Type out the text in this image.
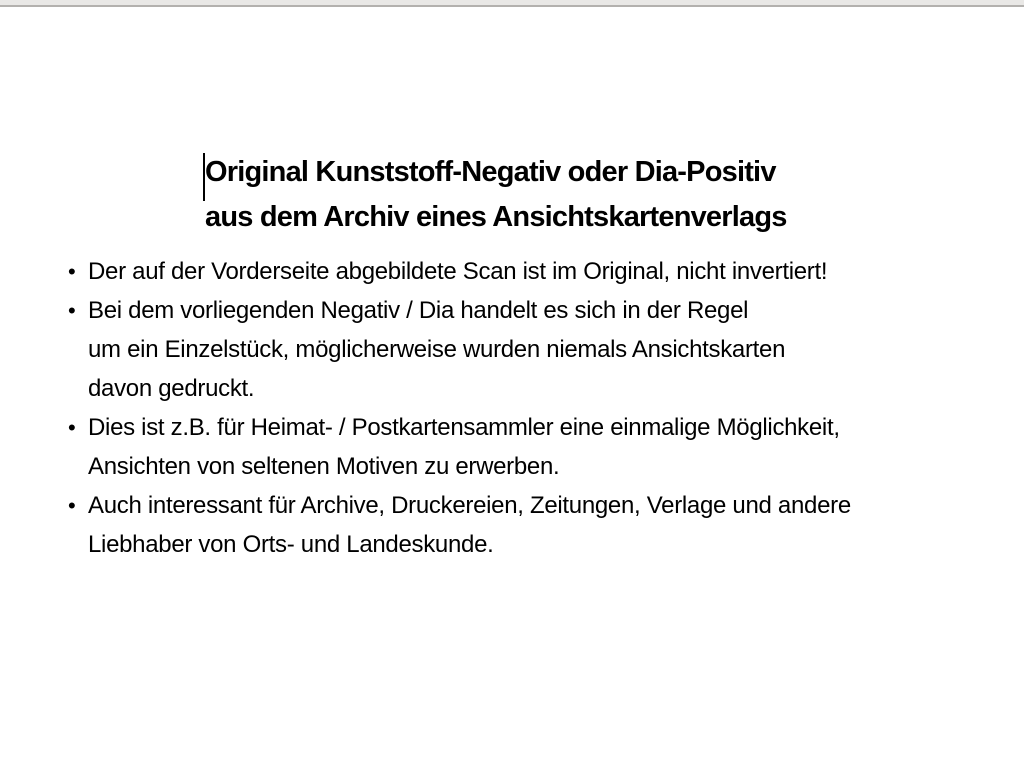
Original Kunststoff-Negativ oder Dia-Positiv
aus dem Archiv eines Ansichtskartenverlags
• Der auf der Vorderseite abgebildete Scan ist im Original, nicht invertiert!
• Bei dem vorliegenden Negativ / Dia handelt es sich in der Regel
um ein Einzelstück, möglicherweise wurden niemals Ansichtskarten
davon gedruckt.
• Dies ist z.B. für Heimat- / Postkartensammler eine einmalige Möglichkeit,
Ansichten von seltenen Motiven zu erwerben.
• Auch interessant für Archive, Druckereien, Zeitungen, Verlage und andere
Liebhaber von Orts- und Landeskunde.
